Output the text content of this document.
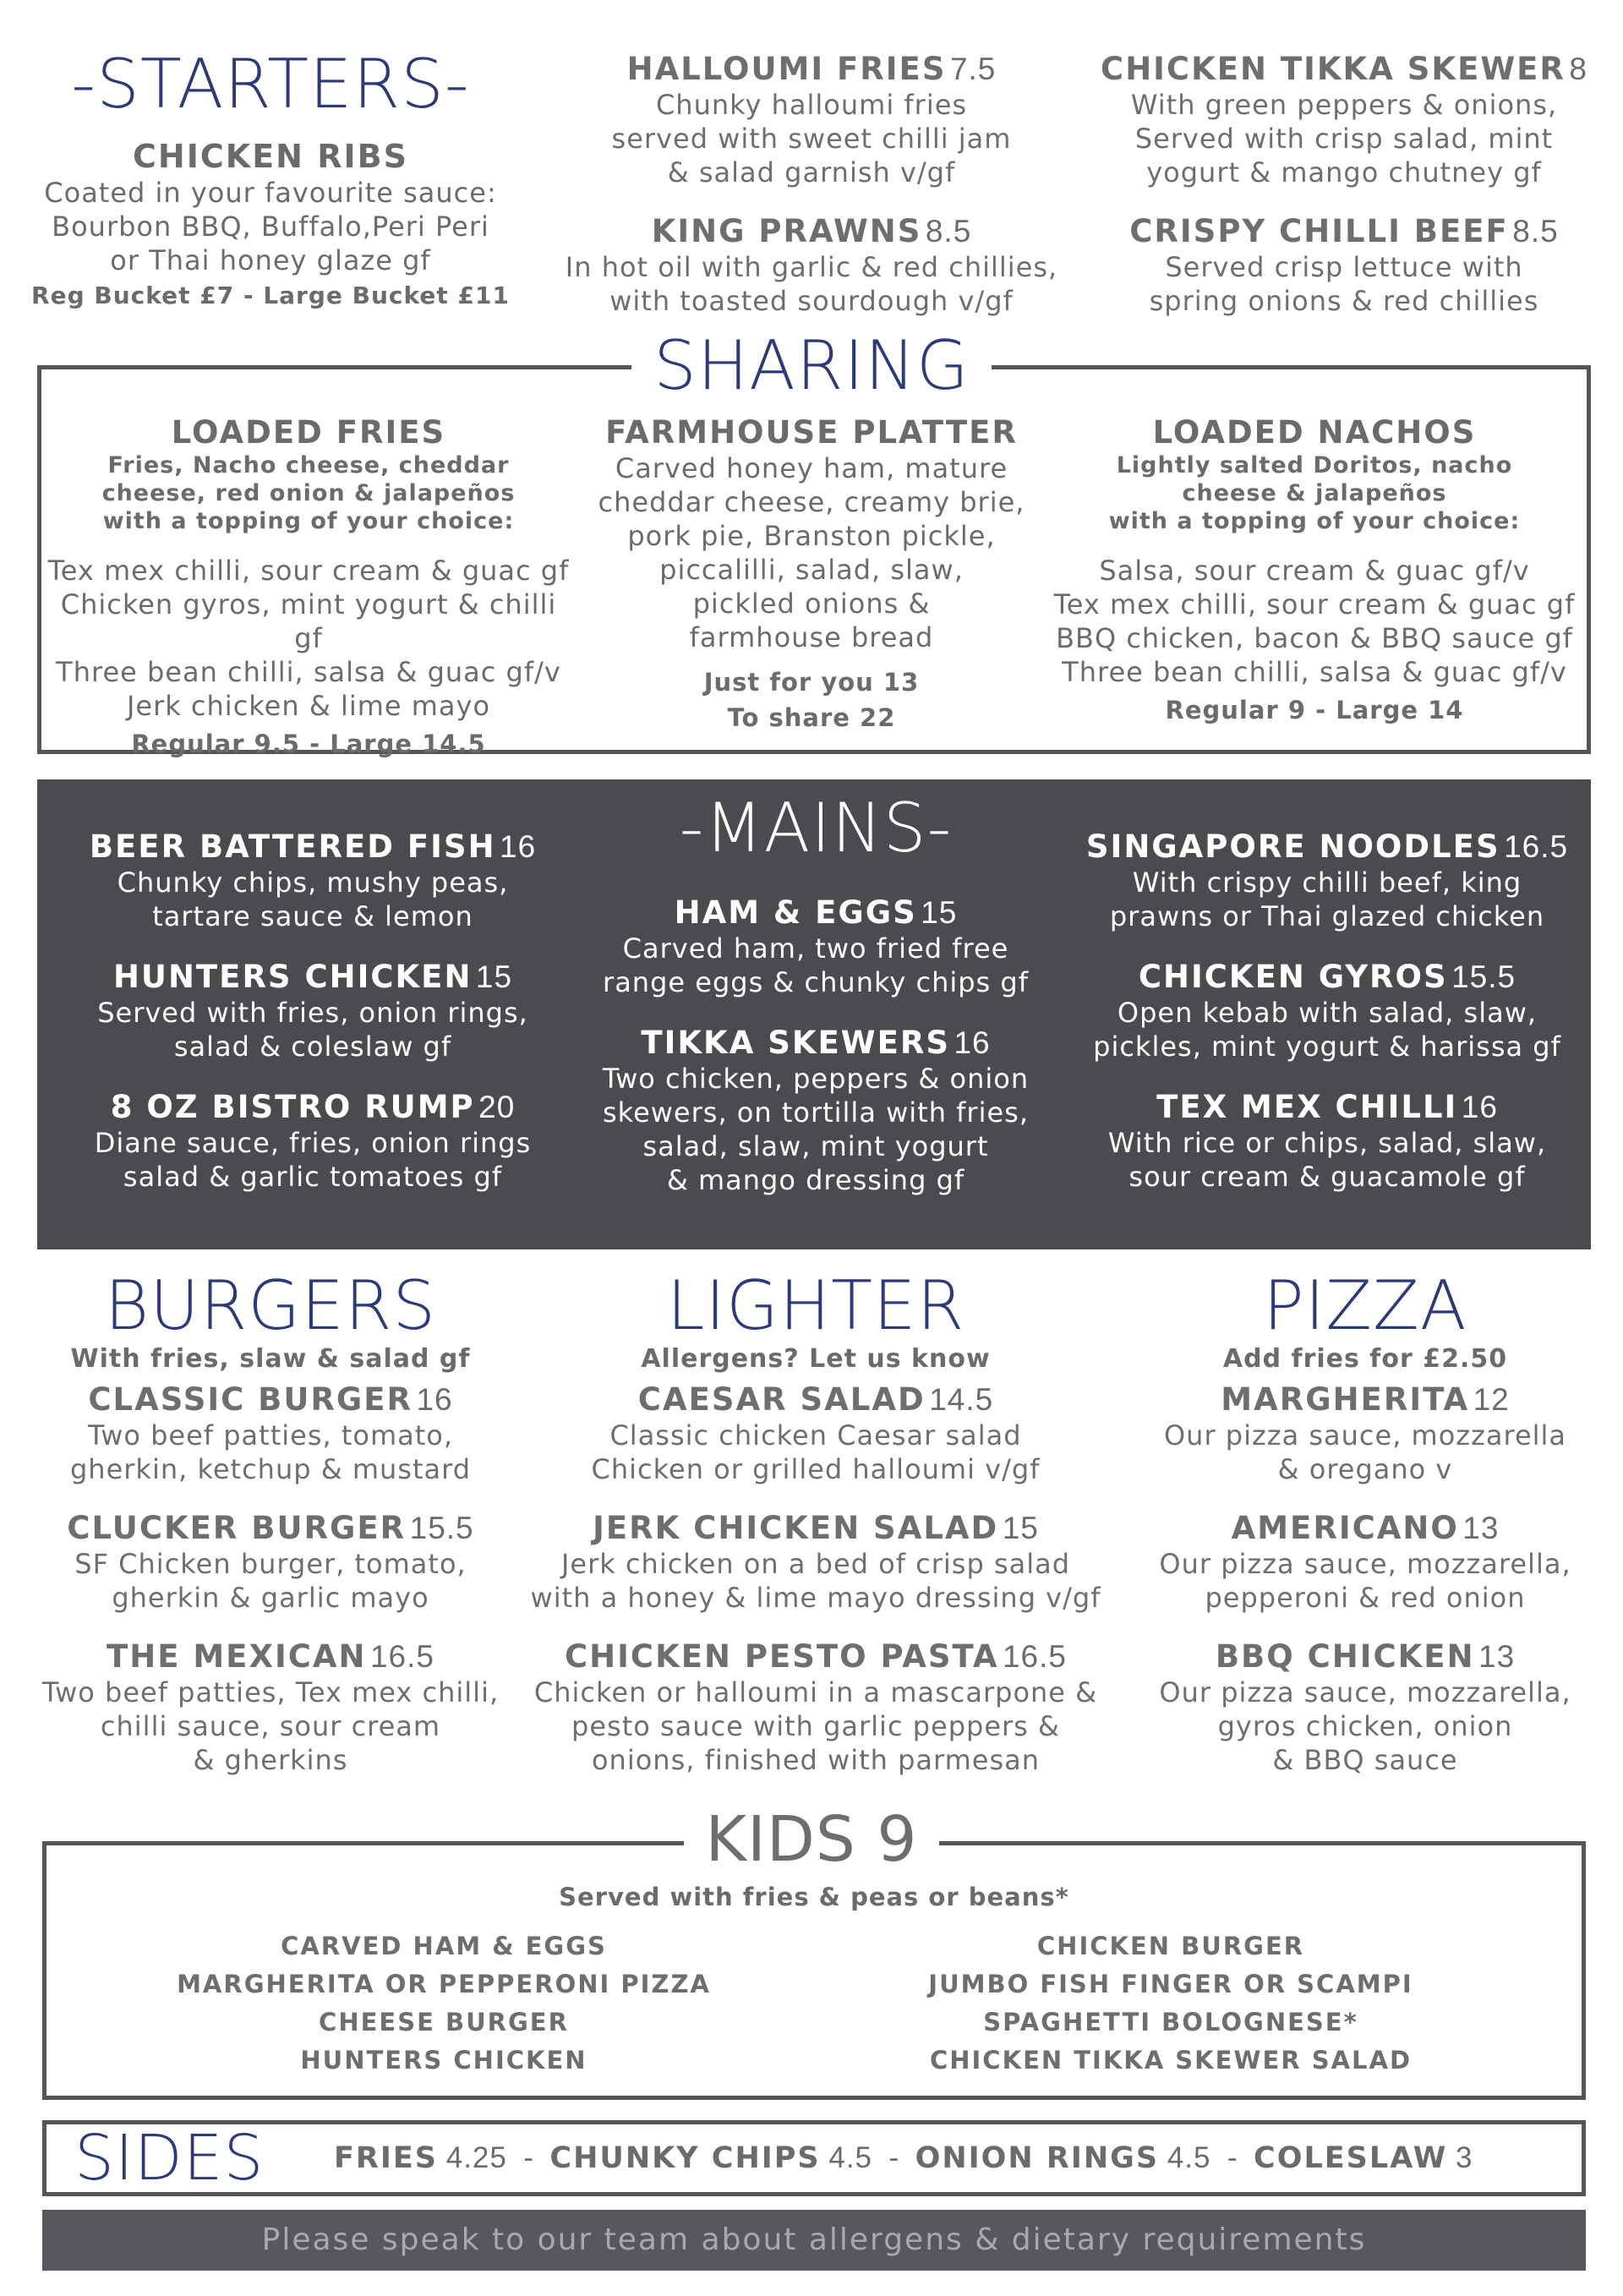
-STARTERS-
CHICKEN RIBS
Coated in your favourite sauce:
Bourbon BBQ, Buffalo,Peri Peri
or Thai honey glaze gf
Reg Bucket £7 - Large Bucket £11
HALLOUMI FRIES 7.5
Chunky halloumi fries
served with sweet chilli jam
& salad garnish v/gf
KING PRAWNS 8.5
In hot oil with garlic & red chillies,
with toasted sourdough v/gf
CHICKEN TIKKA SKEWER 8
With green peppers & onions,
Served with crisp salad, mint
yogurt & mango chutney gf
CRISPY CHILLI BEEF 8.5
Served crisp lettuce with
spring onions & red chillies
SHARING
LOADED FRIES
Fries, Nacho cheese, cheddar
cheese, red onion & jalapeños
with a topping of your choice:
Tex mex chilli, sour cream & guac gf
Chicken gyros, mint yogurt & chilli gf
Three bean chilli, salsa & guac gf/v
Jerk chicken & lime mayo
Regular 9.5 - Large 14.5
FARMHOUSE PLATTER
Carved honey ham, mature
cheddar cheese, creamy brie,
pork pie, Branston pickle,
piccalilli, salad, slaw,
pickled onions &
farmhouse bread
Just for you 13
To share 22
LOADED NACHOS
Lightly salted Doritos, nacho
cheese & jalapeños
with a topping of your choice:
Salsa, sour cream & guac gf/v
Tex mex chilli, sour cream & guac gf
BBQ chicken, bacon & BBQ sauce gf
Three bean chilli, salsa & guac gf/v
Regular 9 - Large 14
BEER BATTERED FISH 16
Chunky chips, mushy peas,
tartare sauce & lemon
HUNTERS CHICKEN 15
Served with fries, onion rings,
salad & coleslaw gf
8 OZ BISTRO RUMP 20
Diane sauce, fries, onion rings
salad & garlic tomatoes gf
-MAINS-
HAM & EGGS 15
Carved ham, two fried free
range eggs & chunky chips gf
TIKKA SKEWERS 16
Two chicken, peppers & onion
skewers, on tortilla with fries,
salad, slaw, mint yogurt
& mango dressing gf
SINGAPORE NOODLES 16.5
With crispy chilli beef, king
prawns or Thai glazed chicken
CHICKEN GYROS 15.5
Open kebab with salad, slaw,
pickles, mint yogurt & harissa gf
TEX MEX CHILLI 16
With rice or chips, salad, slaw,
sour cream & guacamole gf
BURGERS
With fries, slaw & salad gf
CLASSIC BURGER 16
Two beef patties, tomato,
gherkin, ketchup & mustard
CLUCKER BURGER 15.5
SF Chicken burger, tomato,
gherkin & garlic mayo
THE MEXICAN 16.5
Two beef patties, Tex mex chilli,
chilli sauce, sour cream
& gherkins
LIGHTER
Allergens? Let us know
CAESAR SALAD 14.5
Classic chicken Caesar salad
Chicken or grilled halloumi v/gf
JERK CHICKEN SALAD 15
Jerk chicken on a bed of crisp salad
with a honey & lime mayo dressing v/gf
CHICKEN PESTO PASTA 16.5
Chicken or halloumi in a mascarpone &
pesto sauce with garlic peppers &
onions, finished with parmesan
PIZZA
Add fries for £2.50
MARGHERITA 12
Our pizza sauce, mozzarella
& oregano v
AMERICANO 13
Our pizza sauce, mozzarella,
pepperoni & red onion
BBQ CHICKEN 13
Our pizza sauce, mozzarella,
gyros chicken, onion
& BBQ sauce
KIDS 9
Served with fries & peas or beans*
CARVED HAM & EGGS
MARGHERITA OR PEPPERONI PIZZA
CHEESE BURGER
HUNTERS CHICKEN
CHICKEN BURGER
JUMBO FISH FINGER OR SCAMPI
SPAGHETTI BOLOGNESE*
CHICKEN TIKKA SKEWER SALAD
SIDES FRIES 4.25 - CHUNKY CHIPS 4.5 - ONION RINGS 4.5 - COLESLAW 3
Please speak to our team about allergens & dietary requirements
